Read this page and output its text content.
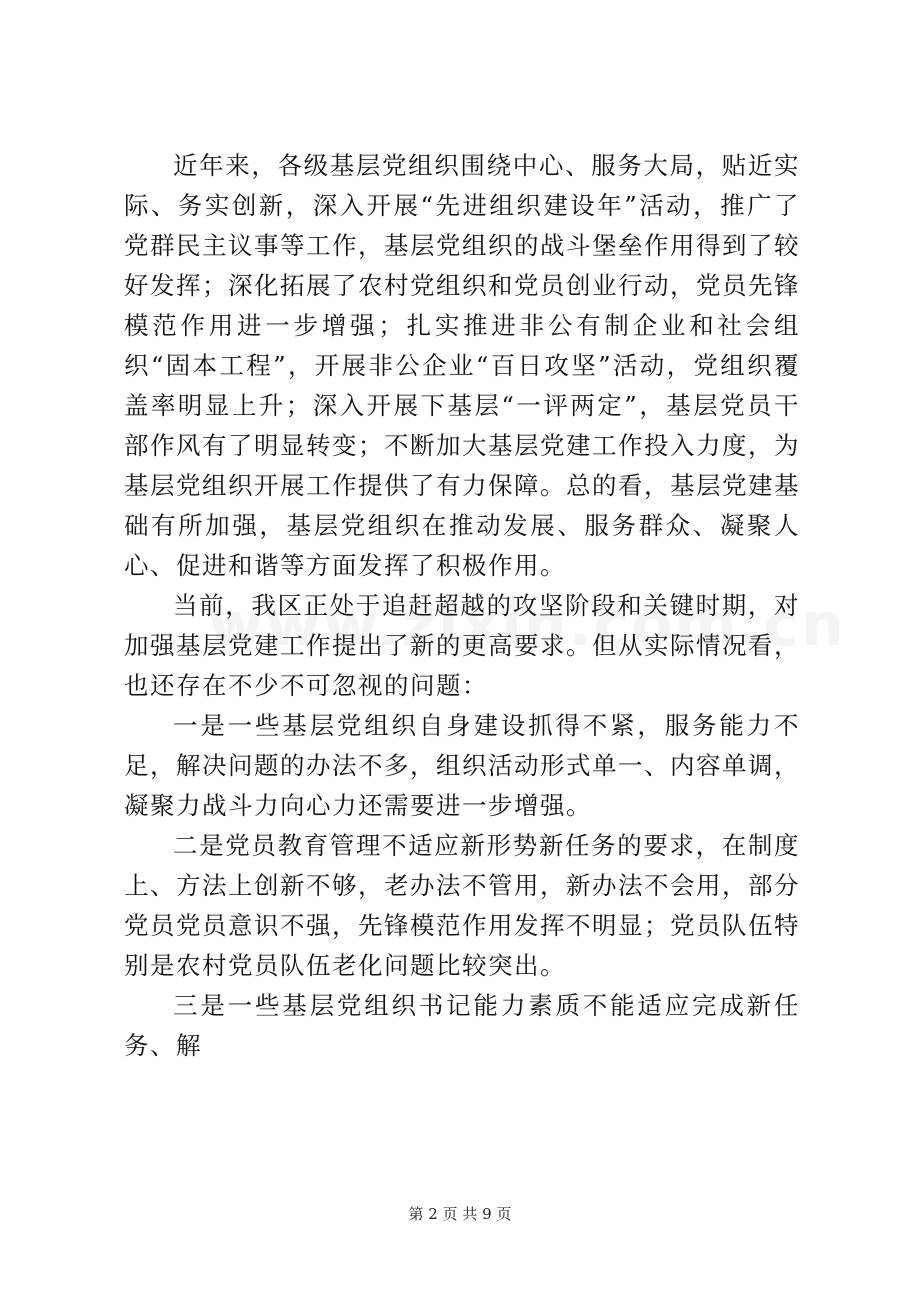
近年来，各级基层党组织围绕中心、服务大局，贴近实际、务实创新，深入开展“先进组织建设年”活动，推广了党群民主议事等工作，基层党组织的战斗堡垒作用得到了较好发挥；深化拓展了农村党组织和党员创业行动，党员先锋模范作用进一步增强；扎实推进非公有制企业和社会组织“固本工程”，开展非公企业“百日攻坚”活动，党组织覆盖率明显上升；深入开展下基层“一评两定”，基层党员干部作风有了明显转变；不断加大基层党建工作投入力度，为基层党组织开展工作提供了有力保障。总的看，基层党建基础有所加强，基层党组织在推动发展、服务群众、凝聚人心、促进和谐等方面发挥了积极作用。

当前，我区正处于追赶超越的攻坚阶段和关键时期，对加强基层党建工作提出了新的更高要求。但从实际情况看，也还存在不少不可忽视的问题：

一是一些基层党组织自身建设抓得不紧，服务能力不足，解决问题的办法不多，组织活动形式单一、内容单调，凝聚力战斗力向心力还需要进一步增强。

二是党员教育管理不适应新形势新任务的要求，在制度上、方法上创新不够，老办法不管用，新办法不会用，部分党员党员意识不强，先锋模范作用发挥不明显；党员队伍特别是农村党员队伍老化问题比较突出。

三是一些基层党组织书记能力素质不能适应完成新任务、解

第 2 页 共 9 页
